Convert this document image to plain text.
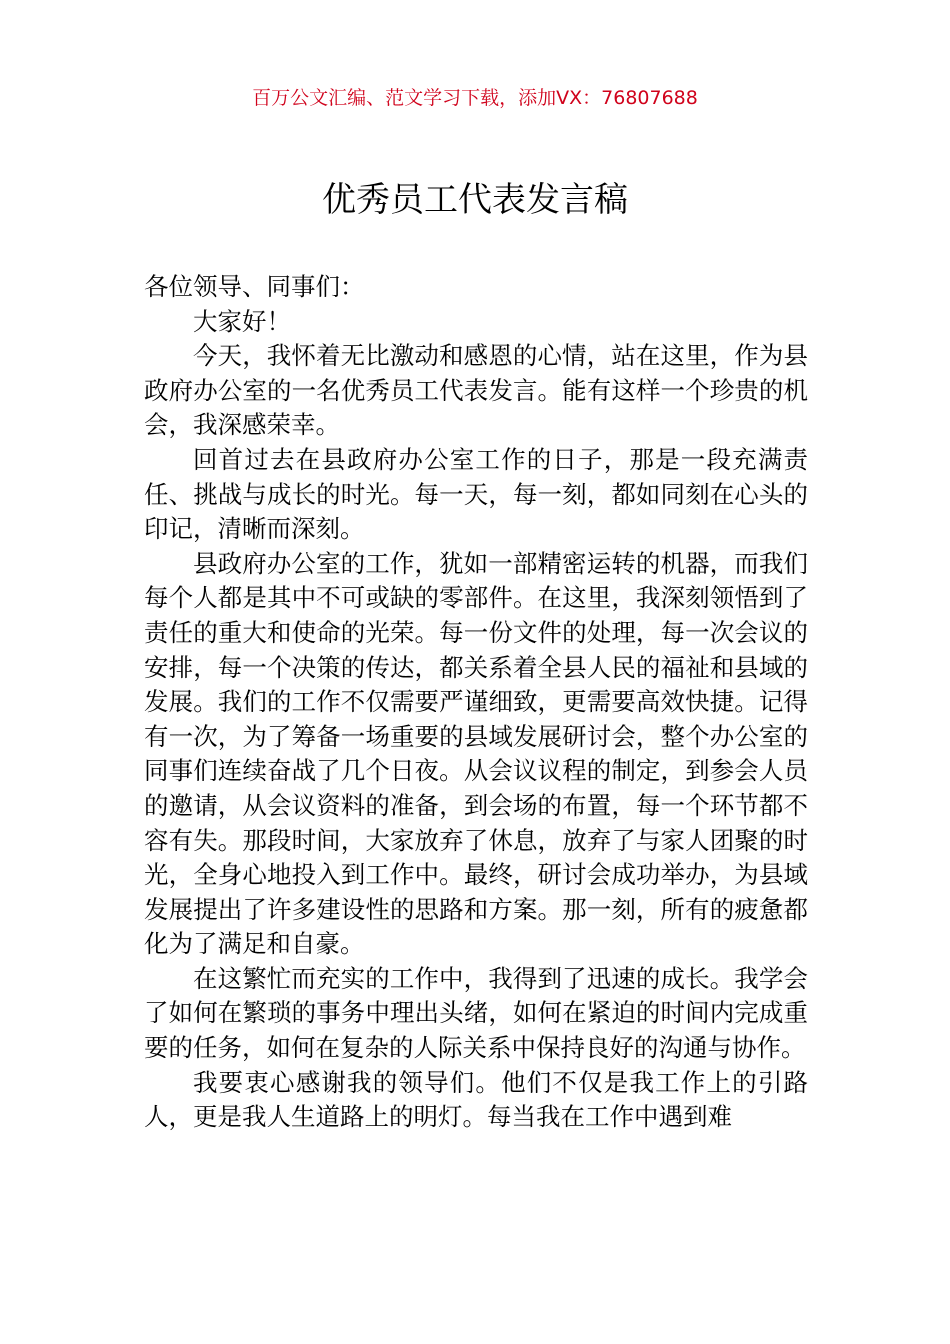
百万公文汇编、范文学习下载，添加VX：76807688
优秀员工代表发言稿

各位领导、同事们：

大家好！

今天，我怀着无比激动和感恩的心情，站在这里，作为县政府办公室的一名优秀员工代表发言。能有这样一个珍贵的机会，我深感荣幸。

回首过去在县政府办公室工作的日子，那是一段充满责任、挑战与成长的时光。每一天，每一刻，都如同刻在心头的印记，清晰而深刻。

县政府办公室的工作，犹如一部精密运转的机器，而我们每个人都是其中不可或缺的零部件。在这里，我深刻领悟到了责任的重大和使命的光荣。每一份文件的处理，每一次会议的安排，每一个决策的传达，都关系着全县人民的福祉和县域的发展。我们的工作不仅需要严谨细致，更需要高效快捷。记得有一次，为了筹备一场重要的县域发展研讨会，整个办公室的同事们连续奋战了几个日夜。从会议议程的制定，到参会人员的邀请，从会议资料的准备，到会场的布置，每一个环节都不容有失。那段时间，大家放弃了休息，放弃了与家人团聚的时光，全身心地投入到工作中。最终，研讨会成功举办，为县域发展提出了许多建设性的思路和方案。那一刻，所有的疲惫都化为了满足和自豪。

在这繁忙而充实的工作中，我得到了迅速的成长。我学会了如何在繁琐的事务中理出头绪，如何在紧迫的时间内完成重要的任务，如何在复杂的人际关系中保持良好的沟通与协作。

我要衷心感谢我的领导们。他们不仅是我工作上的引路人，更是我人生道路上的明灯。每当我在工作中遇到难
